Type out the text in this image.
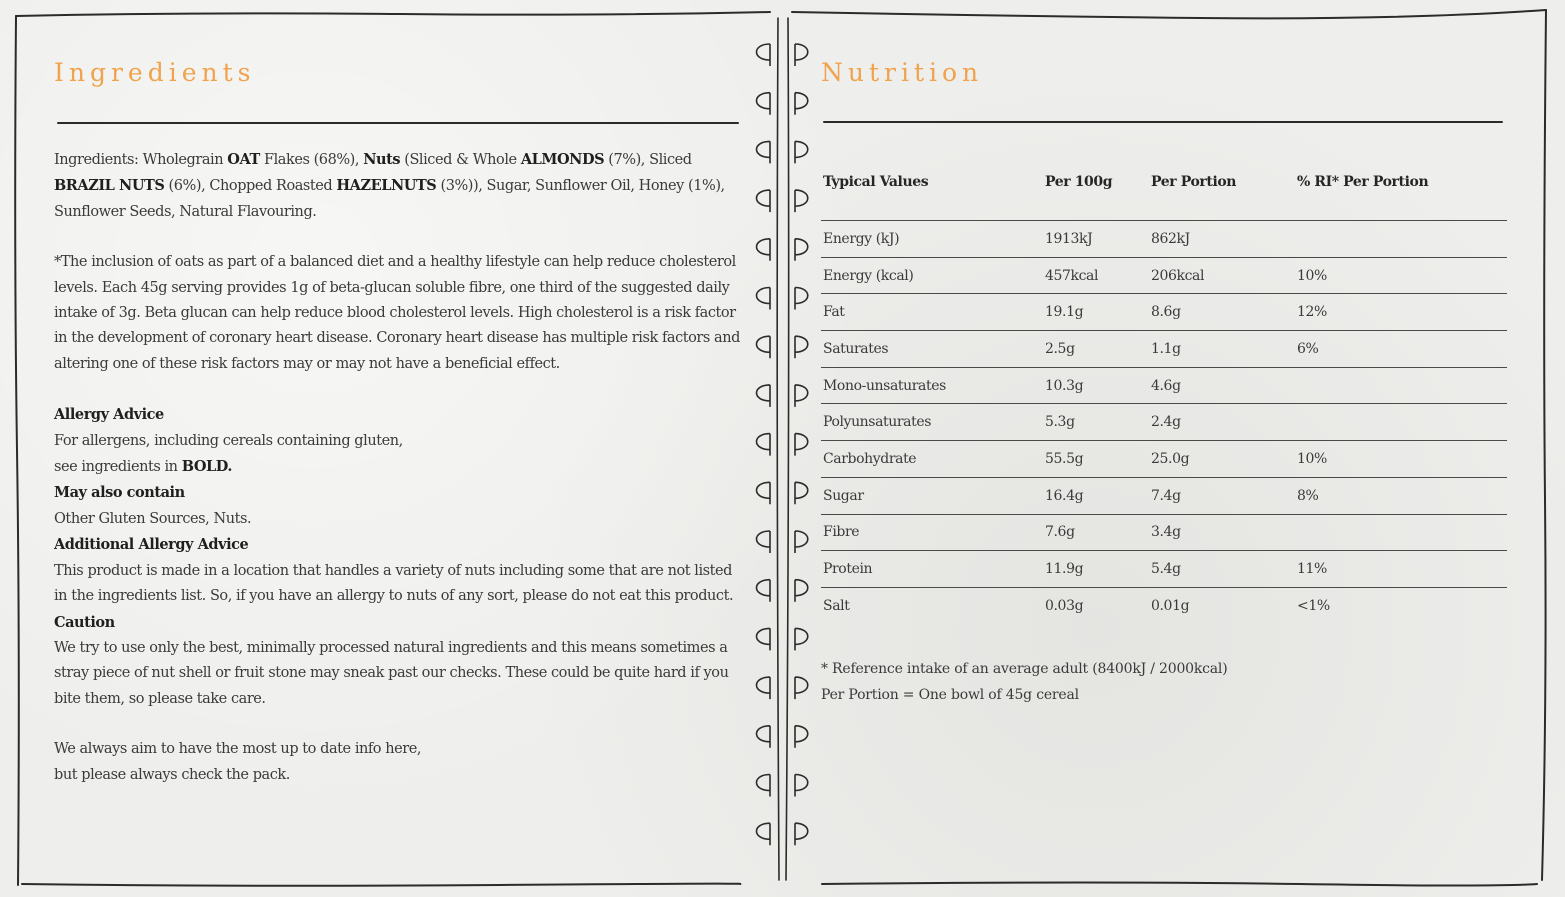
Ingredients	Nutrition

Ingredients: Wholegrain OAT Flakes (68%), Nuts (Sliced & Whole ALMONDS (7%), Sliced BRAZIL NUTS (6%), Chopped Roasted HAZELNUTS (3%)), Sugar, Sunflower Oil, Honey (1%), Sunflower Seeds, Natural Flavouring.

*The inclusion of oats as part of a balanced diet and a healthy lifestyle can help reduce cholesterol levels. Each 45g serving provides 1g of beta-glucan soluble fibre, one third of the suggested daily intake of 3g. Beta glucan can help reduce blood cholesterol levels. High cholesterol is a risk factor in the development of coronary heart disease. Coronary heart disease has multiple risk factors and altering one of these risk factors may or may not have a beneficial effect.

Allergy Advice

For allergens, including cereals containing gluten,

see ingredients in BOLD.

May also contain

Other Gluten Sources, Nuts.

Additional Allergy Advice

This product is made in a location that handles a variety of nuts including some that are not listed in the ingredients list. So, if you have an allergy to nuts of any sort, please do not eat this product.

Caution

We try to use only the best, minimally processed natural ingredients and this means sometimes a stray piece of nut shell or fruit stone may sneak past our checks. These could be quite hard if you bite them, so please take care.

We always aim to have the most up to date info here,

but please always check the pack.

Typical Values	Per 100g	Per Portion	% RI* Per Portion
Energy (kJ)	1913kJ	862kJ	
Energy (kcal)	457kcal	206kcal	10%
Fat	19.1g	8.6g	12%
Saturates	2.5g	1.1g	6%
Mono-unsaturates	10.3g	4.6g	
Polyunsaturates	5.3g	2.4g	
Carbohydrate	55.5g	25.0g	10%
Sugar	16.4g	7.4g	8%
Fibre	7.6g	3.4g	
Protein	11.9g	5.4g	11%
Salt	0.03g	0.01g	<1%

* Reference intake of an average adult (8400kJ / 2000kcal)

Per Portion = One bowl of 45g cereal
